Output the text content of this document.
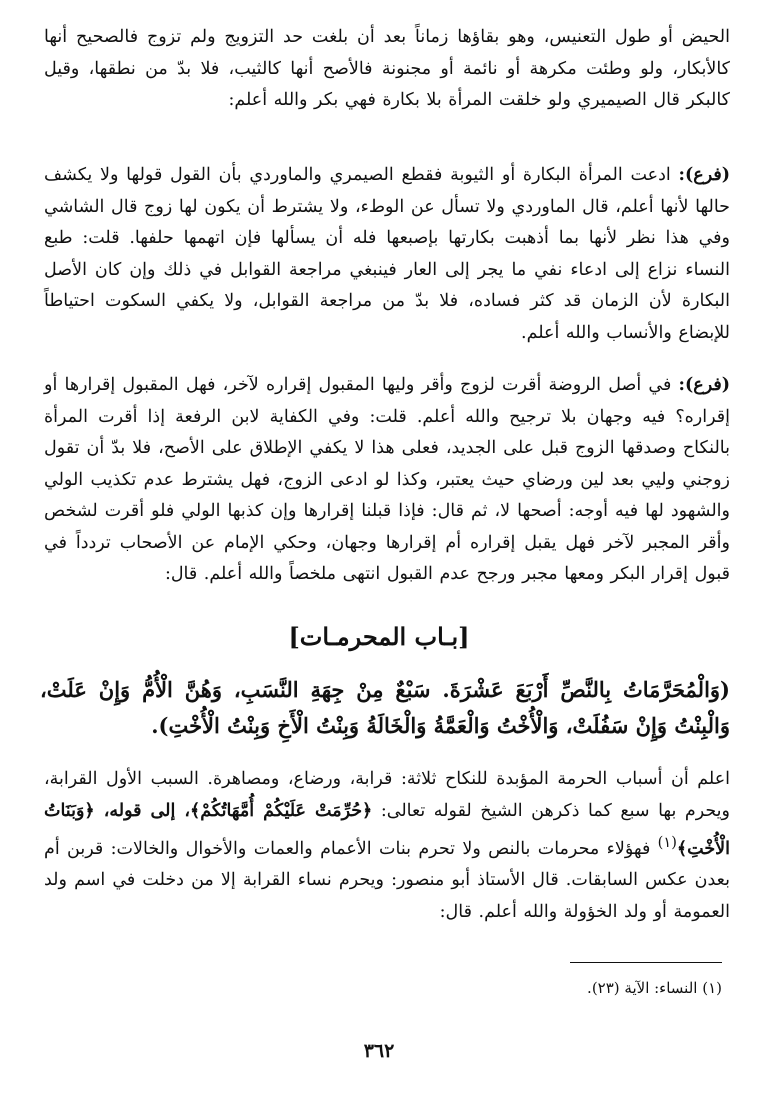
الحيض أو طول التعنيس، وهو بقاؤها زماناً بعد أن بلغت حد التزويج ولم تزوج فالصحيح أنها كالأبكار، ولو وطئت مكرهة أو نائمة أو مجنونة فالأصح أنها كالثيب، فلا بدّ من نطقها، وقيل كالبكر قال الصيميري ولو خلقت المرأة بلا بكارة فهي بكر والله أعلم:

(فرع): ادعت المرأة البكارة أو الثيوبة فقطع الصيمري والماوردي بأن القول قولها ولا يكشف حالها لأنها أعلم، قال الماوردي ولا تسأل عن الوطء، ولا يشترط أن يكون لها زوج قال الشاشي وفي هذا نظر لأنها بما أذهبت بكارتها بإصبعها فله أن يسألها فإن اتهمها حلفها. قلت: طبع النساء نزاع إلى ادعاء نفي ما يجر إلى العار فينبغي مراجعة القوابل في ذلك وإن كان الأصل البكارة لأن الزمان قد كثر فساده، فلا بدّ من مراجعة القوابل، ولا يكفي السكوت احتياطاً للإبضاع والأنساب والله أعلم.

(فرع): في أصل الروضة أقرت لزوج وأقر وليها المقبول إقراره لآخر، فهل المقبول إقرارها أو إقراره؟ فيه وجهان بلا ترجيح والله أعلم. قلت: وفي الكفاية لابن الرفعة إذا أقرت المرأة بالنكاح وصدقها الزوج قبل على الجديد، فعلى هذا لا يكفي الإطلاق على الأصح، فلا بدّ أن تقول زوجني وليي بعد لين ورضاي حيث يعتبر، وكذا لو ادعى الزوج، فهل يشترط عدم تكذيب الولي والشهود لها فيه أوجه: أصحها لا، ثم قال: فإذا قبلنا إقرارها وإن كذبها الولي فلو أقرت لشخص وأقر المجبر لآخر فهل يقبل إقراره أم إقرارها وجهان، وحكي الإمام عن الأصحاب تردداً في قبول إقرار البكر ومعها مجبر ورجح عدم القبول انتهى ملخصاً والله أعلم. قال:

[بـاب المحرمـات]

(وَالْمُحَرَّمَاتُ بِالنَّصِّ أَرْبَعَ عَشْرَةَ. سَبْعٌ مِنْ جِهَةِ النَّسَبِ، وَهُنَّ الْأُمُّ وَإِنْ عَلَتْ، وَالْبِنْتُ وَإِنْ سَفُلَتْ، وَالْأُخْتُ وَالْعَمَّةُ وَالْخَالَةُ وَبِنْتُ الْأَخِ وَبِنْتُ الْأُخْتِ).

اعلم أن أسباب الحرمة المؤبدة للنكاح ثلاثة: قرابة، ورضاع، ومصاهرة. السبب الأول القرابة، ويحرم بها سبع كما ذكرهن الشيخ لقوله تعالى: ﴿حُرِّمَتْ عَلَيْكُمْ أُمَّهَاتُكُمْ﴾، إلى قوله، ﴿وَبَنَاتُ الْأُخْتِ﴾$^{(١)}$ فهؤلاء محرمات بالنص ولا تحرم بنات الأعمام والعمات والأخوال والخالات: قربن أم بعدن عكس السابقات. قال الأستاذ أبو منصور: ويحرم نساء القرابة إلا من دخلت في اسم ولد العمومة أو ولد الخؤولة والله أعلم. قال:

(١) النساء: الآية (٢٣).

٣٦٢
